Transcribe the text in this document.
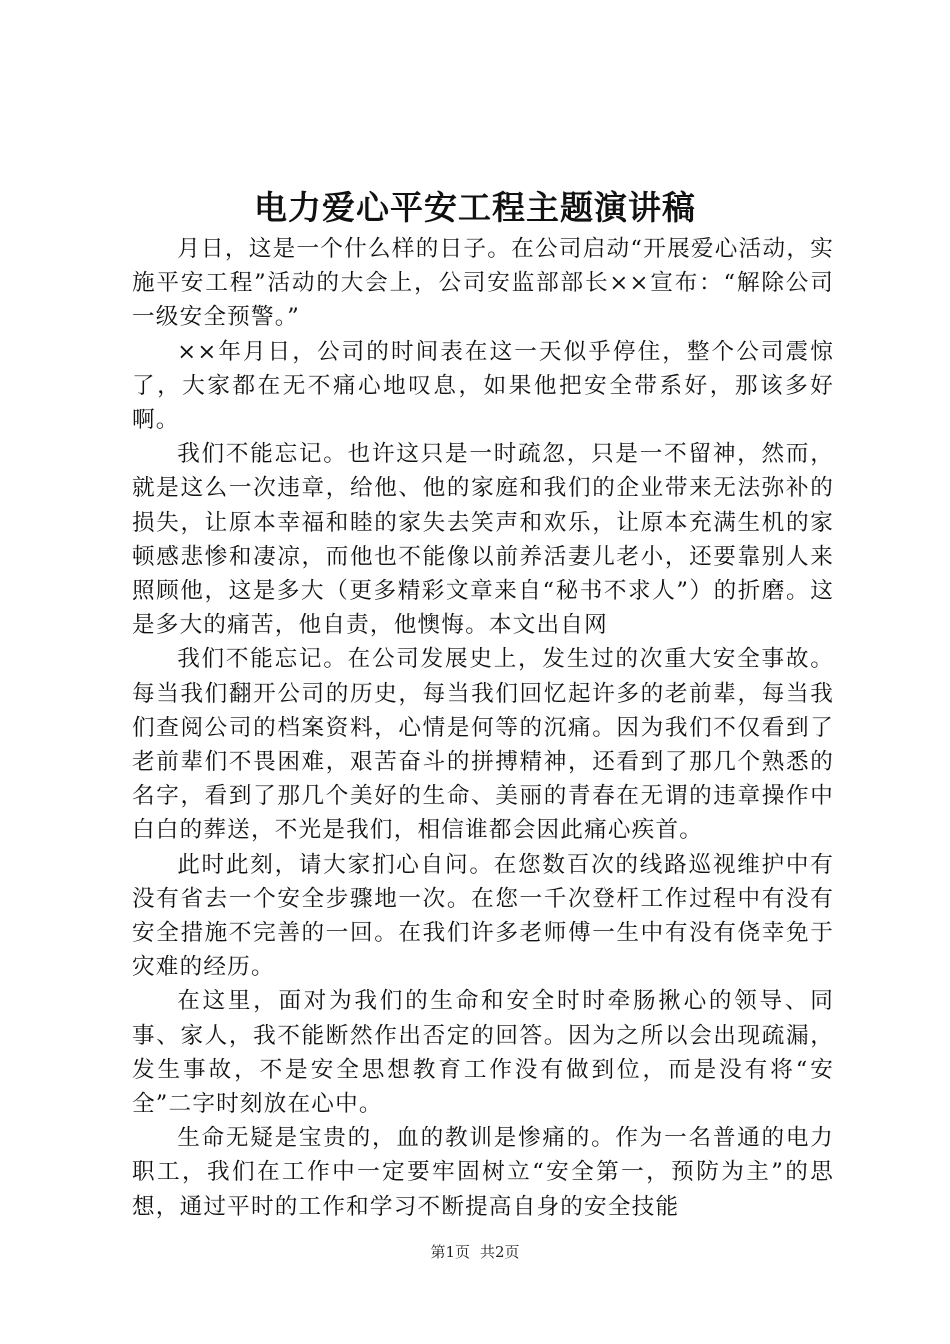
电力爱心平安工程主题演讲稿

月日，这是一个什么样的日子。在公司启动“开展爱心活动，实施平安工程”活动的大会上，公司安监部部长××宣布：“解除公司一级安全预警。”

××年月日，公司的时间表在这一天似乎停住，整个公司震惊了，大家都在无不痛心地叹息，如果他把安全带系好，那该多好啊。

我们不能忘记。也许这只是一时疏忽，只是一不留神，然而，就是这么一次违章，给他、他的家庭和我们的企业带来无法弥补的损失，让原本幸福和睦的家失去笑声和欢乐，让原本充满生机的家顿感悲惨和凄凉，而他也不能像以前养活妻儿老小，还要靠别人来照顾他，这是多大（更多精彩文章来自“秘书不求人”）的折磨。这是多大的痛苦，他自责，他懊悔。本文出自网

我们不能忘记。在公司发展史上，发生过的次重大安全事故。每当我们翻开公司的历史，每当我们回忆起许多的老前辈，每当我们查阅公司的档案资料，心情是何等的沉痛。因为我们不仅看到了老前辈们不畏困难，艰苦奋斗的拼搏精神，还看到了那几个熟悉的名字，看到了那几个美好的生命、美丽的青春在无谓的违章操作中白白的葬送，不光是我们，相信谁都会因此痛心疾首。

此时此刻，请大家扪心自问。在您数百次的线路巡视维护中有没有省去一个安全步骤地一次。在您一千次登杆工作过程中有没有安全措施不完善的一回。在我们许多老师傅一生中有没有侥幸免于灾难的经历。

在这里，面对为我们的生命和安全时时牵肠揪心的领导、同事、家人，我不能断然作出否定的回答。因为之所以会出现疏漏，发生事故，不是安全思想教育工作没有做到位，而是没有将“安全”二字时刻放在心中。

生命无疑是宝贵的，血的教训是惨痛的。作为一名普通的电力职工，我们在工作中一定要牢固树立“安全第一，预防为主”的思想，通过平时的工作和学习不断提高自身的安全技能

第1页 共2页
